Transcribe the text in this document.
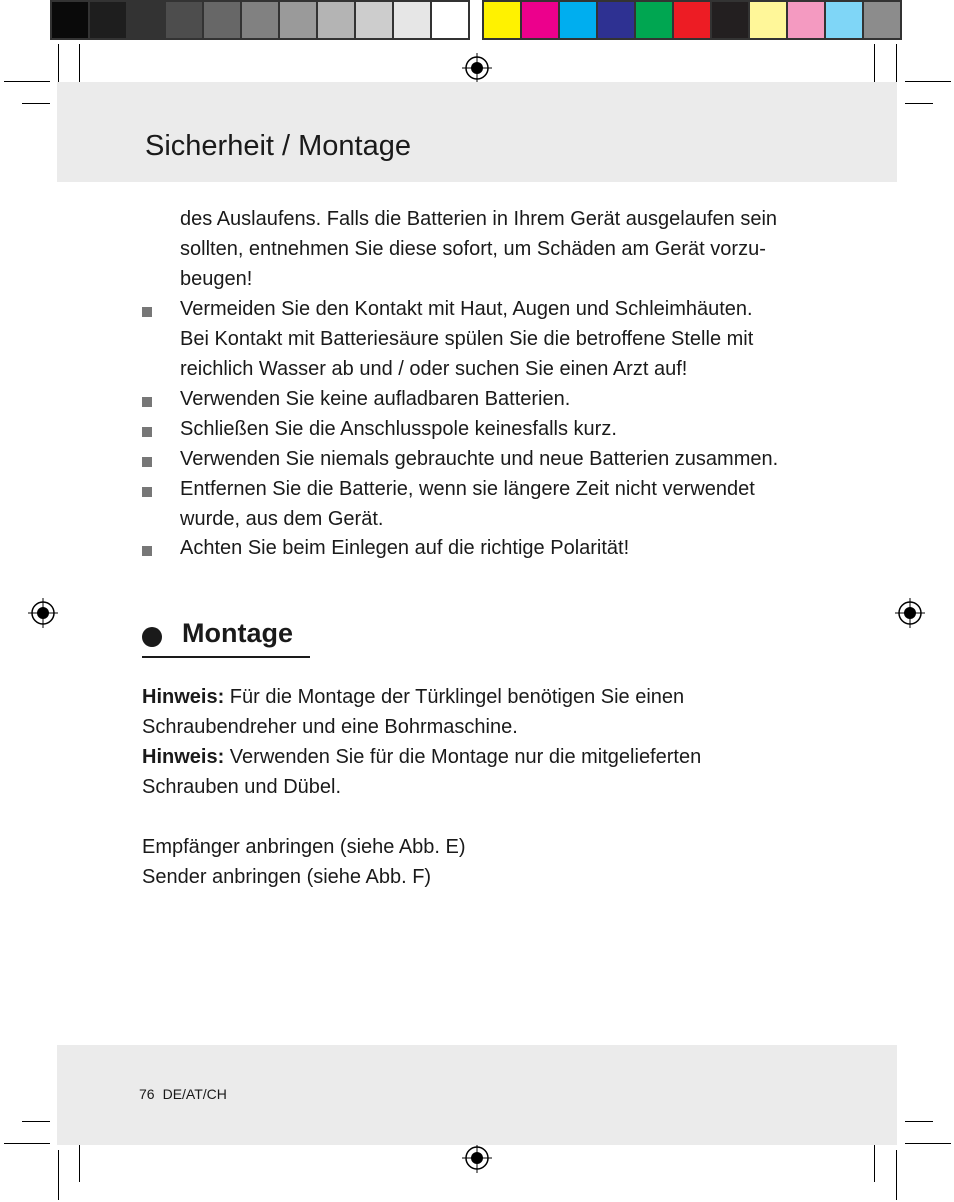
Sicherheit / Montage
des Auslaufens. Falls die Batterien in Ihrem Gerät ausgelaufen sein
sollten, entnehmen Sie diese sofort, um Schäden am Gerät vorzu-
beugen!
Vermeiden Sie den Kontakt mit Haut, Augen und Schleimhäuten.
Bei Kontakt mit Batteriesäure spülen Sie die betroffene Stelle mit
reichlich Wasser ab und / oder suchen Sie einen Arzt auf!
Verwenden Sie keine aufladbaren Batterien.
Schließen Sie die Anschlusspole keinesfalls kurz.
Verwenden Sie niemals gebrauchte und neue Batterien zusammen.
Entfernen Sie die Batterie, wenn sie längere Zeit nicht verwendet
wurde, aus dem Gerät.
Achten Sie beim Einlegen auf die richtige Polarität!
Montage
Hinweis: Für die Montage der Türklingel benötigen Sie einen
Schraubendreher und eine Bohrmaschine.
Hinweis: Verwenden Sie für die Montage nur die mitgelieferten
Schrauben und Dübel.
Empfänger anbringen (siehe Abb. E)
Sender anbringen (siehe Abb. F)
76 DE/AT/CH
